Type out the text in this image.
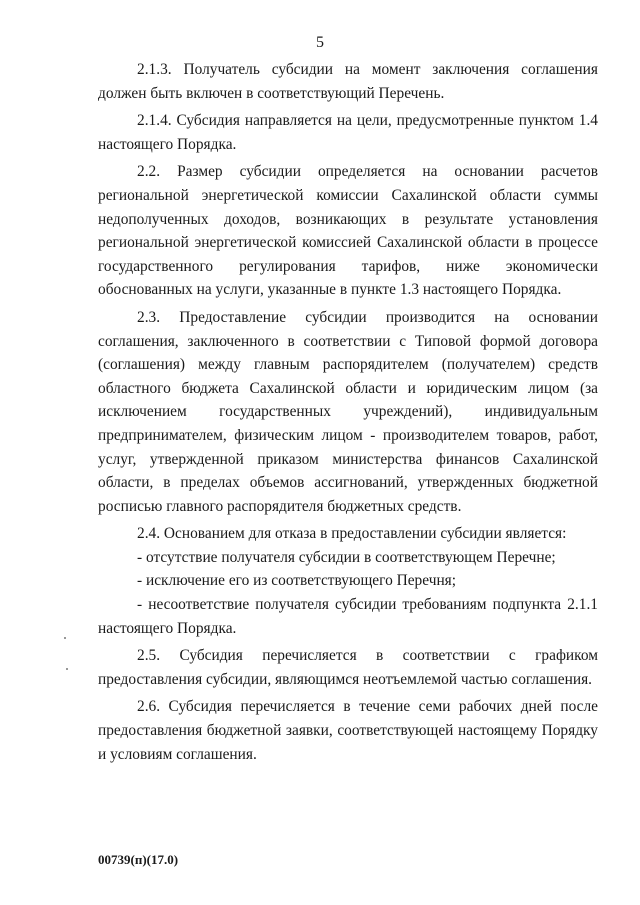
5

2.1.3. Получатель субсидии на момент заключения соглашения должен быть включен в соответствующий Перечень.

2.1.4. Субсидия направляется на цели, предусмотренные пунктом 1.4 настоящего Порядка.

2.2. Размер субсидии определяется на основании расчетов региональной энергетической комиссии Сахалинской области суммы недополученных доходов, возникающих в результате установления региональной энергетической комиссией Сахалинской области в процессе государственного регулирования тарифов, ниже экономически обоснованных на услуги, указанные в пункте 1.3 настоящего Порядка.

2.3. Предоставление субсидии производится на основании соглашения, заключенного в соответствии с Типовой формой договора (соглашения) между главным распорядителем (получателем) средств областного бюджета Сахалинской области и юридическим лицом (за исключением государственных учреждений), индивидуальным предпринимателем, физическим лицом - производителем товаров, работ, услуг, утвержденной приказом министерства финансов Сахалинской области, в пределах объемов ассигнований, утвержденных бюджетной росписью главного распорядителя бюджетных средств.

2.4. Основанием для отказа в предоставлении субсидии является:

- отсутствие получателя субсидии в соответствующем Перечне;

- исключение его из соответствующего Перечня;

- несоответствие получателя субсидии требованиям подпункта 2.1.1 настоящего Порядка.

2.5. Субсидия перечисляется в соответствии с графиком предоставления субсидии, являющимся неотъемлемой частью соглашения.

2.6. Субсидия перечисляется в течение семи рабочих дней после предоставления бюджетной заявки, соответствующей настоящему Порядку и условиям соглашения.

00739(п)(17.0)
